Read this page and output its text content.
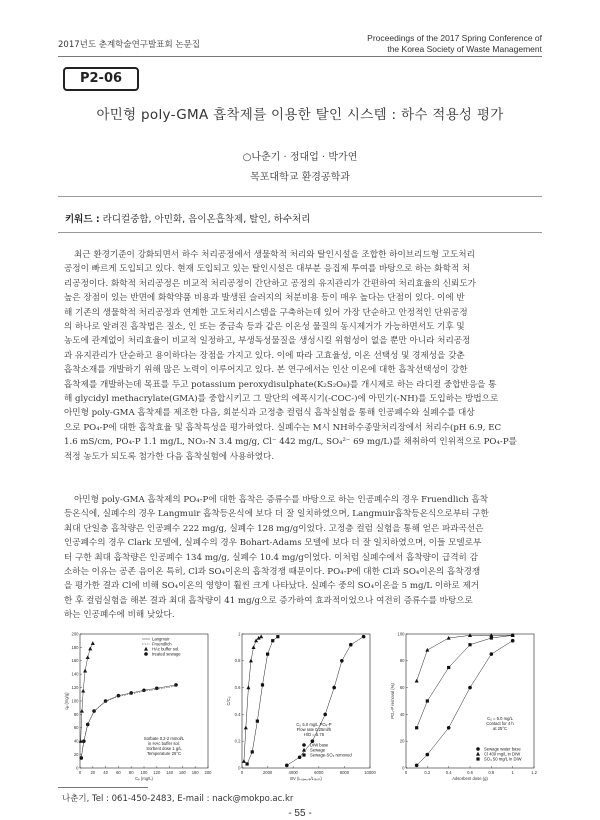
2017년도 춘계학술연구발표회 논문집
Proceedings of the 2017 Spring Conference of
the Korea Society of Waste Management
P2-06
아민형 poly-GMA 흡착제를 이용한 탈인 시스템 : 하수 적용성 평가
○나춘기 · 정대업 · 박가연
목포대학교 환경공학과
키워드 : 라디컬중합, 아민화, 음이온흡착제, 탈인, 하수처리
최근 환경기준이 강화되면서 하수 처리공정에서 생물학적 처리와 탈인시설을 조합한 하이브리드형 고도처리
공정이 빠르게 도입되고 있다. 현재 도입되고 있는 탈인시설은 대부분 응집제 투여를 바탕으로 하는 화학적 처
리공정이다. 화학적 처리공정은 비교적 처리공정이 간단하고 공정의 유지관리가 간편하여 처리효율의 신뢰도가
높은 장점이 있는 반면에 화학약품 비용과 발생된 슬러지의 처분비용 등이 매우 높다는 단점이 있다. 이에 반
해 기존의 생물학적 처리공정과 연계한 고도처리시스템을 구축하는데 있어 가장 단순하고 안정적인 단위공정
의 하나로 알려진 흡착법은 질소, 인 또는 중금속 등과 같은 이온성 물질의 동시제거가 가능하면서도 기후 및
농도에 관계없이 처리효율이 비교적 일정하고, 부생독성물질을 생성시킬 위험성이 없을 뿐만 아니라 처리공정
과 유지관리가 단순하고 용이하다는 장점을 가지고 있다. 이에 따라 고효율성, 이온 선택성 및 경제성을 갖춘
흡착소재를 개발하기 위해 많은 노력이 이루어지고 있다. 본 연구에서는 인산 이온에 대한 흡착선택성이 강한
흡착제를 개발하는데 목표를 두고 potassium peroxydisulphate(K₂S₂O₈)를 개시제로 하는 라디컬 중합반응을 통
해 glycidyl methacrylate(GMA)를 중합시키고 그 말단의 에폭시기(-COC-)에 아민기(-NH)를 도입하는 방법으로
아민형 poly-GMA 흡착제를 제조한 다음, 회분식과 고정층 컬럼식 흡착실험을 통해 인공폐수와 실폐수를 대상
으로 PO₄-P에 대한 흡착효율 및 흡착특성을 평가하였다. 실폐수는 M시 NH하수종말처리장에서 처리수(pH 6.9, EC
1.6 mS/cm, PO₄-P 1.1 mg/L, NO₃-N 3.4 mg/g, Cl⁻ 442 mg/L, SO₄²⁻ 69 mg/L)를 채취하여 인위적으로 PO₄-P를
적정 농도가 되도록 첨가한 다음 흡착실험에 사용하였다.
아민형 poly-GMA 흡착제의 PO₄-P에 대한 흡착은 증류수를 바탕으로 하는 인공폐수의 경우 Fruendlich 흡착
등온식에, 실폐수의 경우 Langmuir 흡착등온식에 보다 더 잘 일치하였으며, Langmuir흡착등온식으로부터 구한
최대 단일층 흡착량은 인공폐수 222 mg/g, 실폐수 128 mg/g이었다. 고정층 컬럼 실험을 통해 얻은 파과곡선은
인공폐수의 경우 Clark 모델에, 실폐수의 경우 Bohart-Adams 모델에 보다 더 잘 일치하였으며, 이들 모델로부
터 구한 최대 흡착량은 인공폐수 134 mg/g, 실폐수 10.4 mg/g이었다. 이처럼 실폐수에서 흡착량이 급격히 감
소하는 이유는 공존 음이온 특히, Cl과 SO₄이온의 흡착경쟁 때문이다. PO₄-P에 대한 Cl과 SO₄이온의 흡착경쟁
을 평가한 결과 Cl에 비해 SO₄이온의 영향이 훨씬 크게 나타났다. 실폐수 중의 SO₄이온을 5 mg/L 이하로 제거
한 후 컬럼실험을 해본 결과 최대 흡착량이 41 mg/g으로 증가하여 효과적이었으나 여전히 증류수를 바탕으로
하는 인공폐수에 비해 낮았다.
0 20 40 60 80 100 120 140 160 180 200
0
20
40
60
80
100
120
140
160
180
200
Cₑ (mg/L)
qₑ (mg/g)
Langmuir
Fruendlich
HAc buffer sol.
treated sewage
Sorbate 0.2-2 mmol/L
in HAc buffer sol.
Sorbent dose 1 g/L
Temperature 25°C
0	2000	4000	6000	8000	10000
0
0.2
0.4
0.6
0.8
1
BV (Lₛₐₘₚₗₑ/Lᵣₑₛᵢₙ)
C/C₀
DIW base
Sewage
Sewage-SO₄ removed
C₀ 5.0 mg/L PO₄-P
Flow rate 0.25ml/h
H/D = 5.75
0	0.2	0.4	0.6	0.8	1	1.2
0
20
40
60
80
100
Adsorbent dose (g)
PO₄-P removal (%)
Sewage water base
Cl 400 mg/L in DIW
SO₄ 50 mg/L in DIW
C₀ = 5.0 mg/L
Contact for 4 h
at 25°C
나춘기, Tel : 061-450-2483, E-mail : nack@mokpo.ac.kr
- 55 -
